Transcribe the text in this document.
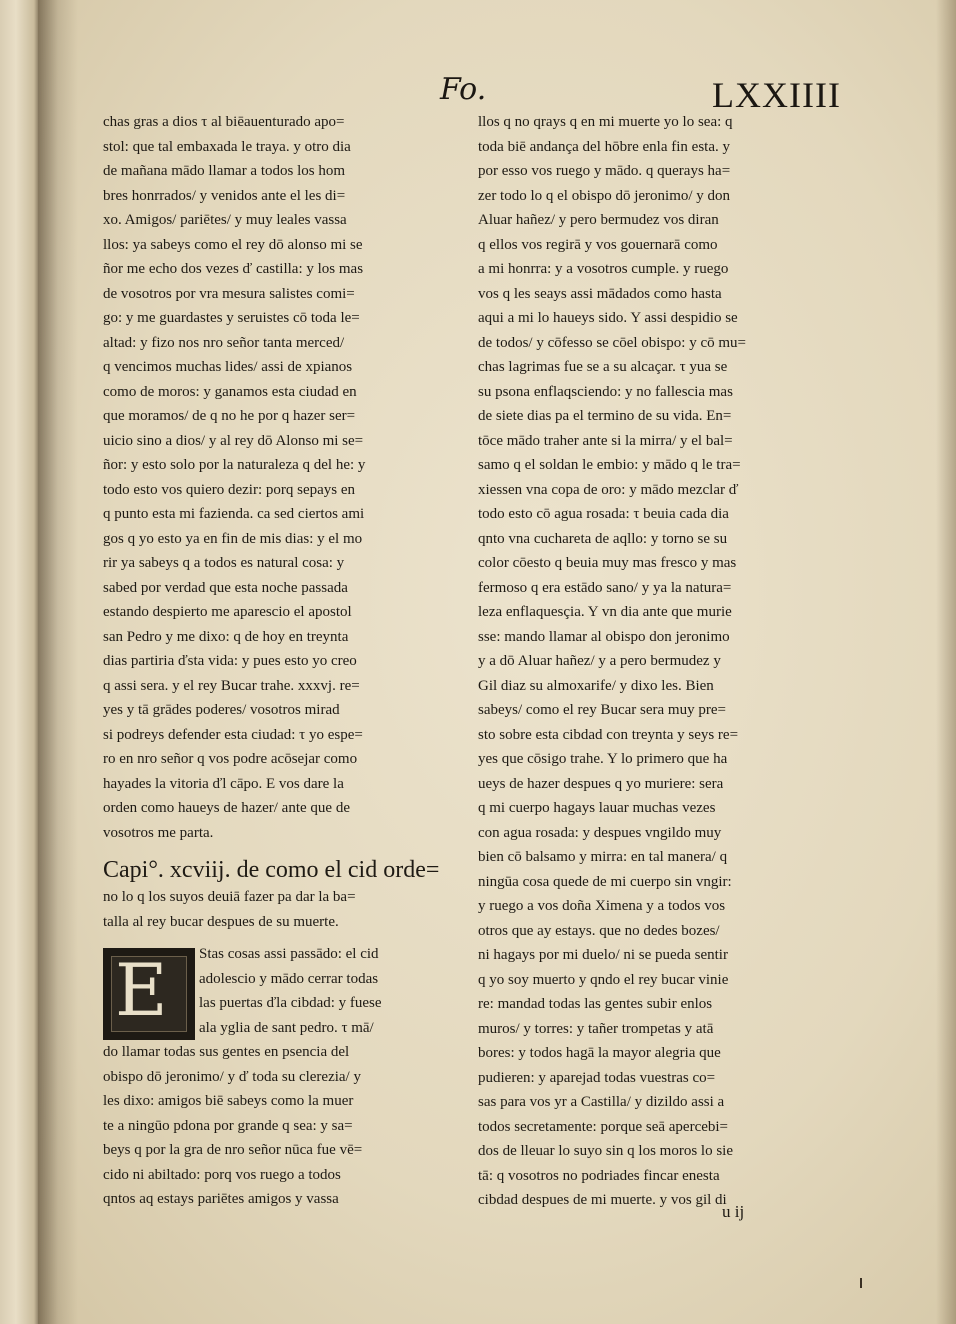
Fo.	LXXIIII
chas gras a dios τ al biēauenturado apo=
stol: que tal embaxada le traya. y otro dia
de mañana mādo llamar a todos los hom
bres honrrados/ y venidos ante el les di=
xo. Amigos/ pariētes/ y muy leales vassa
llos: ya sabeys como el rey dō alonso mi se
ñor me echo dos vezes ď castilla: y los mas
de vosotros por vra mesura salistes comi=
go: y me guardastes y seruistes cō toda le=
altad: y fizo nos nro señor tanta merced/
q vencimos muchas lides/ assi de xpianos
como de moros: y ganamos esta ciudad en
que moramos/ de q no he por q hazer ser=
uicio sino a dios/ y al rey dō Alonso mi se=
ñor: y esto solo por la naturaleza q del he: y
todo esto vos quiero dezir: porq sepays en
q punto esta mi fazienda. ca sed ciertos ami
gos q yo esto ya en fin de mis dias: y el mo
rir ya sabeys q a todos es natural cosa: y
sabed por verdad que esta noche passada
estando despierto me aparescio el apostol
san Pedro y me dixo: q de hoy en treynta
dias partiria ďsta vida: y pues esto yo creo
q assi sera. y el rey Bucar trahe. xxxvj. re=
yes y tā grādes poderes/ vosotros mirad
si podreys defender esta ciudad: τ yo espe=
ro en nro señor q vos podre acōsejar como
hayades la vitoria ďl cāpo. E vos dare la
orden como haueys de hazer/ ante que de
vosotros me parta.
Capi°. xcviij. de como el cid orde=
no lo q los suyos deuiā fazer pa dar la ba=
talla al rey bucar despues de su muerte.
E Stas cosas assi passādo: el cid
adolescio y mādo cerrar todas
las puertas ďla cibdad: y fuese
ala yglia de sant pedro. τ mā/
do llamar todas sus gentes en psencia del
obispo dō jeronimo/ y ď toda su clerezia/ y
les dixo: amigos biē sabeys como la muer
te a ningūo pdona por grande q sea: y sa=
beys q por la gra de nro señor nūca fue vē=
cido ni abiltado: porq vos ruego a todos
qntos aq estays pariētes amigos y vassa
llos q no qrays q en mi muerte yo lo sea: q
toda biē andança del hōbre enla fin esta. y
por esso vos ruego y mādo. q querays ha=
zer todo lo q el obispo dō jeronimo/ y don
Aluar hañez/ y pero bermudez vos diran
q ellos vos regirā y vos gouernarā como
a mi honrra: y a vosotros cumple. y ruego
vos q les seays assi mādados como hasta
aqui a mi lo haueys sido. Y assi despidio se
de todos/ y cōfesso se cōel obispo: y cō mu=
chas lagrimas fue se a su alcaçar. τ yua se
su psona enflaqsciendo: y no fallescia mas
de siete dias pa el termino de su vida. En=
tōce mādo traher ante si la mirra/ y el bal=
samo q el soldan le embio: y mādo q le tra=
xiessen vna copa de oro: y mādo mezclar ď
todo esto cō agua rosada: τ beuia cada dia
qnto vna cuchareta de aqllo: y torno se su
color cōesto q beuia muy mas fresco y mas
fermoso q era estādo sano/ y ya la natura=
leza enflaquesçia. Y vn dia ante que murie
sse: mando llamar al obispo don jeronimo
y a dō Aluar hañez/ y a pero bermudez y
Gil diaz su almoxarife/ y dixo les. Bien
sabeys/ como el rey Bucar sera muy pre=
sto sobre esta cibdad con treynta y seys re=
yes que cōsigo trahe. Y lo primero que ha
ueys de hazer despues q yo muriere: sera
q mi cuerpo hagays lauar muchas vezes
con agua rosada: y despues vngildo muy
bien cō balsamo y mirra: en tal manera/ q
ningūa cosa quede de mi cuerpo sin vngir:
y ruego a vos doña Ximena y a todos vos
otros que ay estays. que no dedes bozes/
ni hagays por mi duelo/ ni se pueda sentir
q yo soy muerto y qndo el rey bucar vinie
re: mandad todas las gentes subir enlos
muros/ y torres: y tañer trompetas y atā
bores: y todos hagā la mayor alegria que
pudieren: y aparejad todas vuestras co=
sas para vos yr a Castilla/ y dizildo assi a
todos secretamente: porque seā apercebi=
dos de lleuar lo suyo sin q los moros lo sie
tā: q vosotros no podriades fincar enesta
cibdad despues de mi muerte. y vos gil di
u ij
